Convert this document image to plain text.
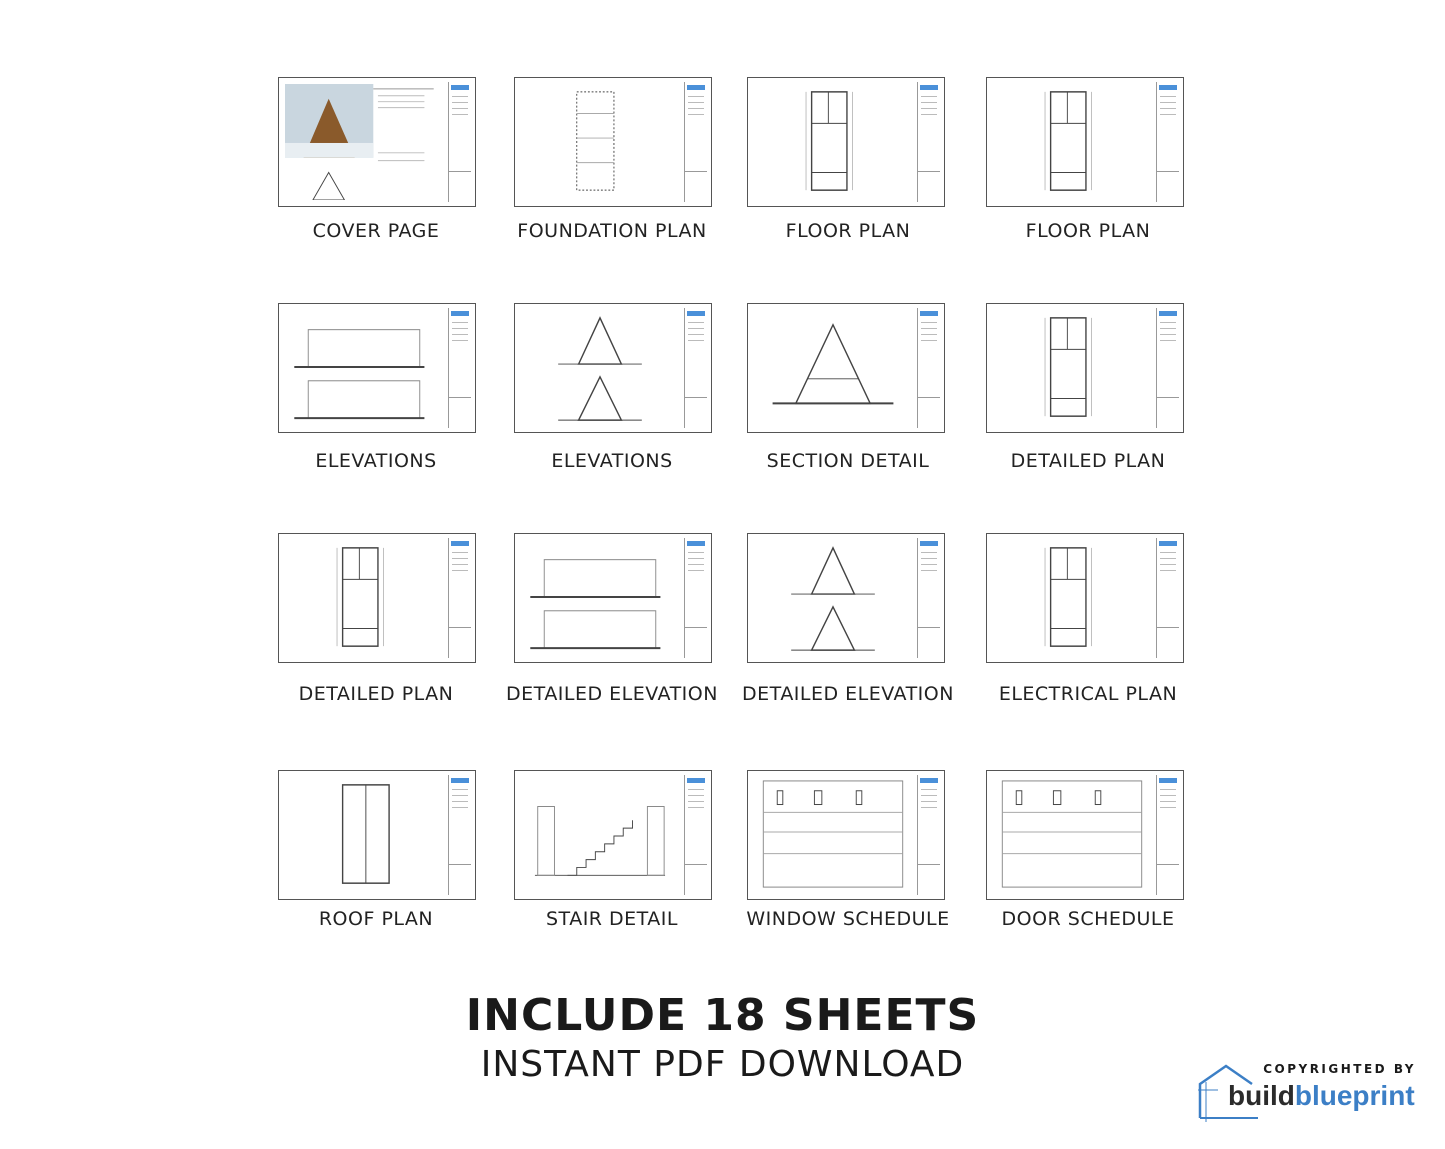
COVER PAGE	FOUNDATION PLAN	FLOOR PLAN	FLOOR PLAN
ELEVATIONS	ELEVATIONS	SECTION DETAIL	DETAILED PLAN
DETAILED PLAN	DETAILED ELEVATION	DETAILED ELEVATION	ELECTRICAL PLAN
ROOF PLAN	STAIR DETAIL	WINDOW SCHEDULE	DOOR SCHEDULE
INCLUDE 18 SHEETS
INSTANT PDF DOWNLOAD	COPYRIGHTED BY
buildblueprint
